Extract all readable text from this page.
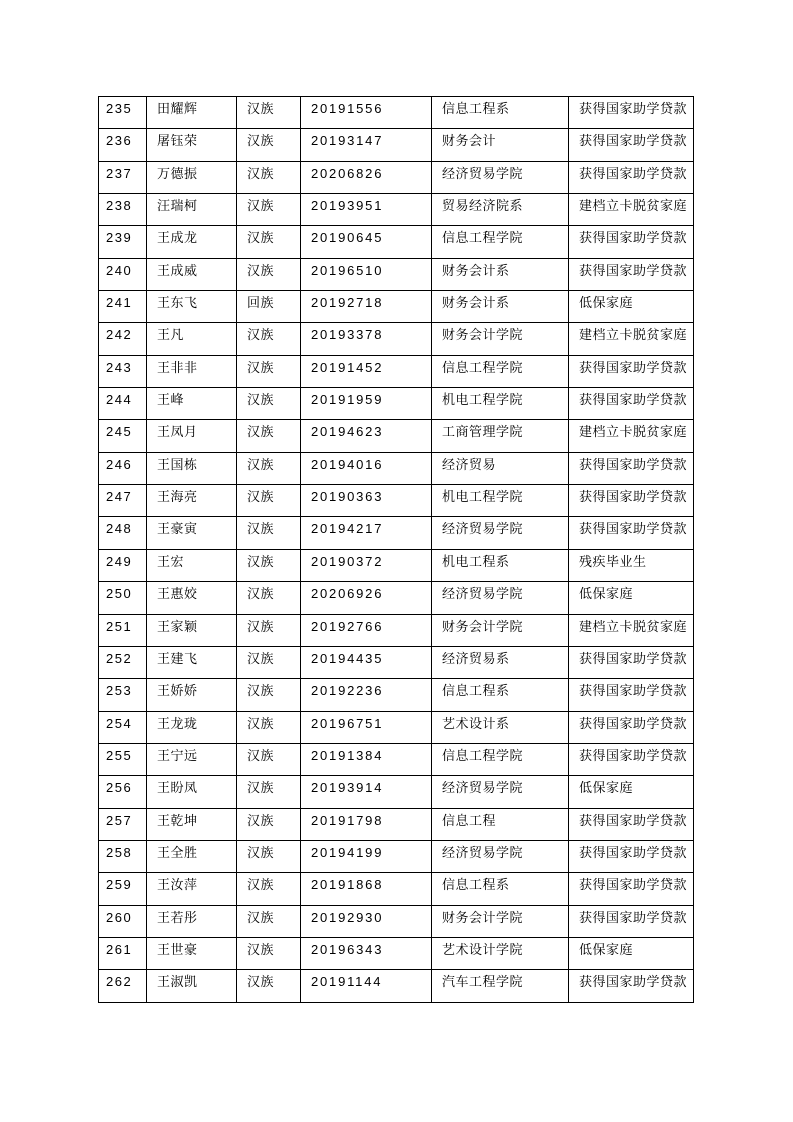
235	田耀辉	汉族	20191556	信息工程系	获得国家助学贷款
236	屠钰荣	汉族	20193147	财务会计	获得国家助学贷款
237	万德振	汉族	20206826	经济贸易学院	获得国家助学贷款
238	汪瑞柯	汉族	20193951	贸易经济院系	建档立卡脱贫家庭
239	王成龙	汉族	20190645	信息工程学院	获得国家助学贷款
240	王成威	汉族	20196510	财务会计系	获得国家助学贷款
241	王东飞	回族	20192718	财务会计系	低保家庭
242	王凡	汉族	20193378	财务会计学院	建档立卡脱贫家庭
243	王非非	汉族	20191452	信息工程学院	获得国家助学贷款
244	王峰	汉族	20191959	机电工程学院	获得国家助学贷款
245	王凤月	汉族	20194623	工商管理学院	建档立卡脱贫家庭
246	王国栋	汉族	20194016	经济贸易	获得国家助学贷款
247	王海亮	汉族	20190363	机电工程学院	获得国家助学贷款
248	王豪寅	汉族	20194217	经济贸易学院	获得国家助学贷款
249	王宏	汉族	20190372	机电工程系	残疾毕业生
250	王惠姣	汉族	20206926	经济贸易学院	低保家庭
251	王家颖	汉族	20192766	财务会计学院	建档立卡脱贫家庭
252	王建飞	汉族	20194435	经济贸易系	获得国家助学贷款
253	王娇娇	汉族	20192236	信息工程系	获得国家助学贷款
254	王龙珑	汉族	20196751	艺术设计系	获得国家助学贷款
255	王宁远	汉族	20191384	信息工程学院	获得国家助学贷款
256	王盼凤	汉族	20193914	经济贸易学院	低保家庭
257	王乾坤	汉族	20191798	信息工程	获得国家助学贷款
258	王全胜	汉族	20194199	经济贸易学院	获得国家助学贷款
259	王汝萍	汉族	20191868	信息工程系	获得国家助学贷款
260	王若彤	汉族	20192930	财务会计学院	获得国家助学贷款
261	王世豪	汉族	20196343	艺术设计学院	低保家庭
262	王淑凯	汉族	20191144	汽车工程学院	获得国家助学贷款
